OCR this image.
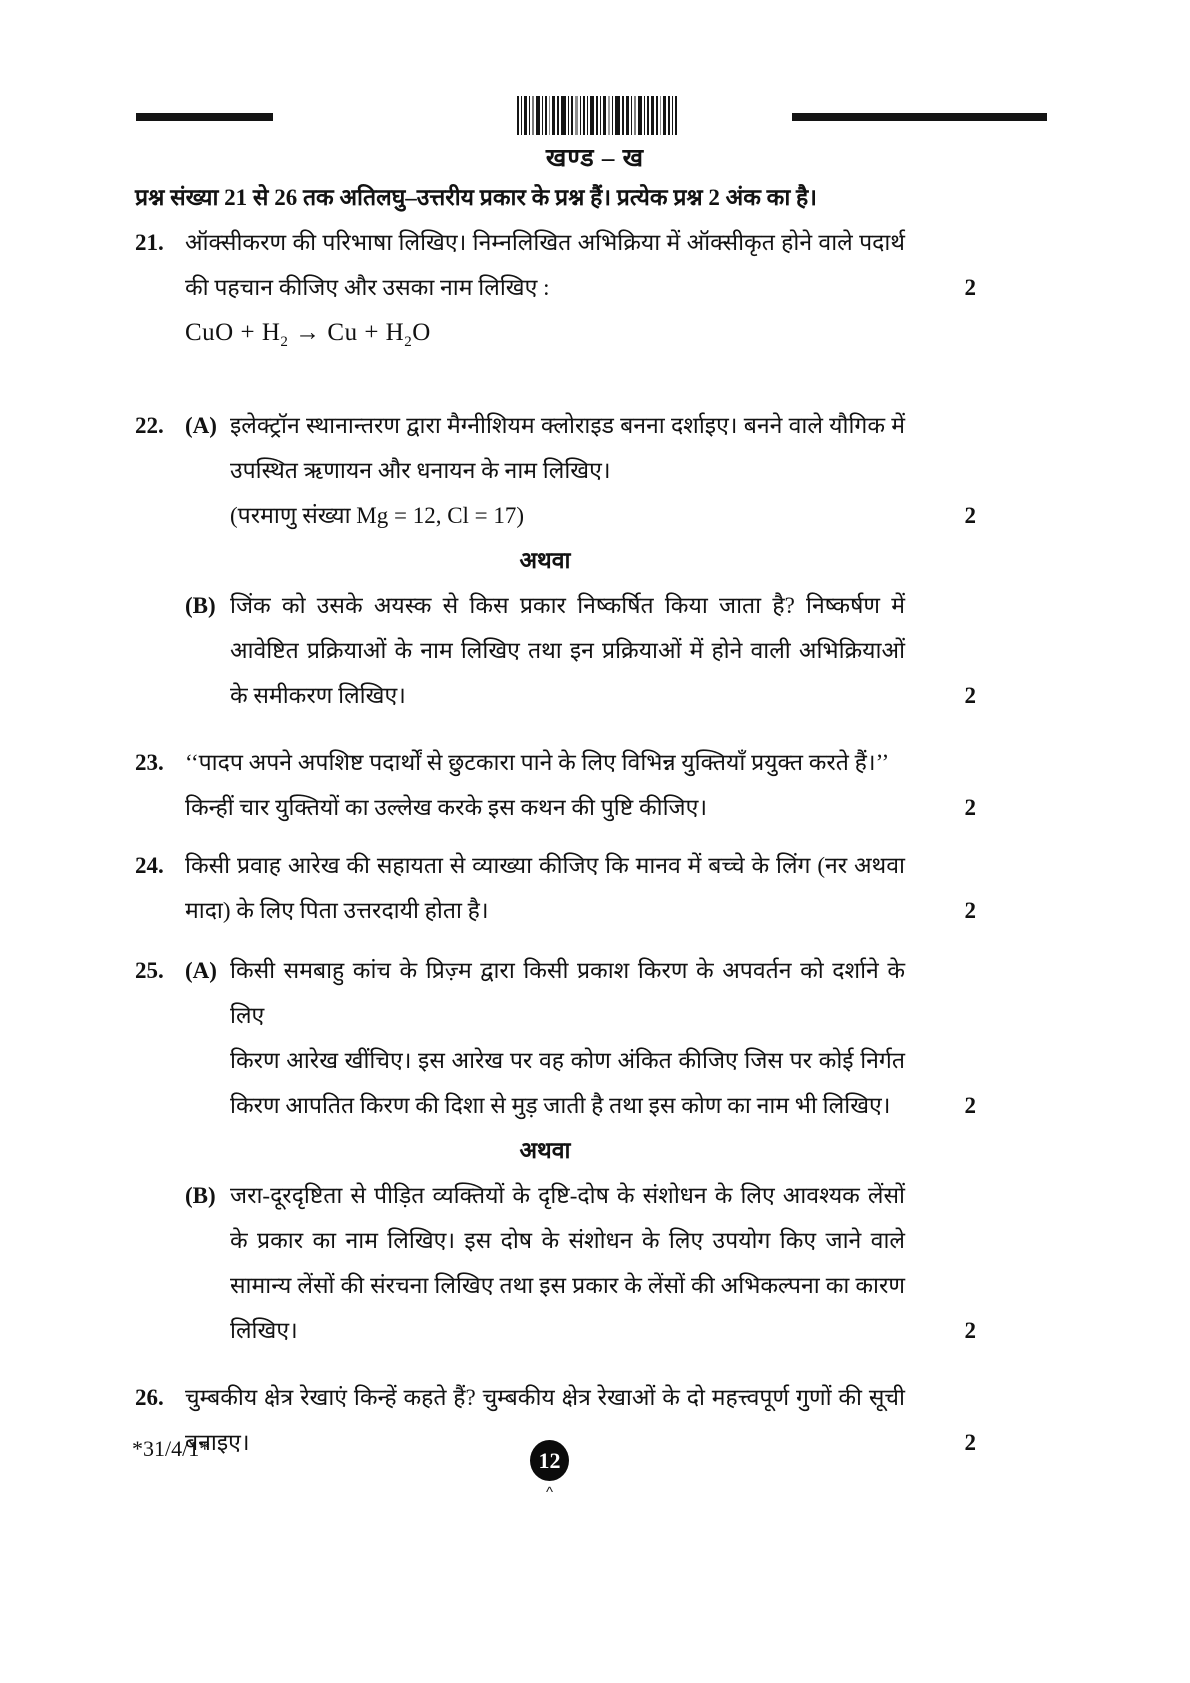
खण्ड – ख
प्रश्न संख्या 21 से 26 तक अतिलघु–उत्तरीय प्रकार के प्रश्न हैं। प्रत्येक प्रश्न 2 अंक का है।
21. ऑक्सीकरण की परिभाषा लिखिए। निम्नलिखित अभिक्रिया में ऑक्सीकृत होने वाले पदार्थ
की पहचान कीजिए और उसका नाम लिखिए :	2
CuO + $H_2 \to Cu + H_2O$
22. (A) इलेक्ट्रॉन स्थानान्तरण द्वारा मैग्नीशियम क्लोराइड बनना दर्शाइए। बनने वाले यौगिक में
उपस्थित ऋणायन और धनायन के नाम लिखिए।
(परमाणु संख्या Mg = 12, Cl = 17)	2
अथवा
(B) जिंक को उसके अयस्क से किस प्रकार निष्कर्षित किया जाता है? निष्कर्षण में
आवेष्टित प्रक्रियाओं के नाम लिखिए तथा इन प्रक्रियाओं में होने वाली अभिक्रियाओं
के समीकरण लिखिए।	2
23. ‘‘पादप अपने अपशिष्ट पदार्थों से छुटकारा पाने के लिए विभिन्न युक्तियाँ प्रयुक्त करते हैं।’’
किन्हीं चार युक्तियों का उल्लेख करके इस कथन की पुष्टि कीजिए।	2
24. किसी प्रवाह आरेख की सहायता से व्याख्या कीजिए कि मानव में बच्चे के लिंग (नर अथवा
मादा) के लिए पिता उत्तरदायी होता है।	2
25. (A) किसी समबाहु कांच के प्रिज़्म द्वारा किसी प्रकाश किरण के अपवर्तन को दर्शाने के लिए
किरण आरेख खींचिए। इस आरेख पर वह कोण अंकित कीजिए जिस पर कोई निर्गत
किरण आपतित किरण की दिशा से मुड़ जाती है तथा इस कोण का नाम भी लिखिए।	2
अथवा
(B) जरा-दूरदृष्टिता से पीड़ित व्यक्तियों के दृष्टि-दोष के संशोधन के लिए आवश्यक लेंसों
के प्रकार का नाम लिखिए। इस दोष के संशोधन के लिए उपयोग किए जाने वाले
सामान्य लेंसों की संरचना लिखिए तथा इस प्रकार के लेंसों की अभिकल्पना का कारण
लिखिए।	2
26. चुम्बकीय क्षेत्र रेखाएं किन्हें कहते हैं? चुम्बकीय क्षेत्र रेखाओं के दो महत्त्वपूर्ण गुणों की सूची
बनाइए।	2
*31/4/1*	12
^
